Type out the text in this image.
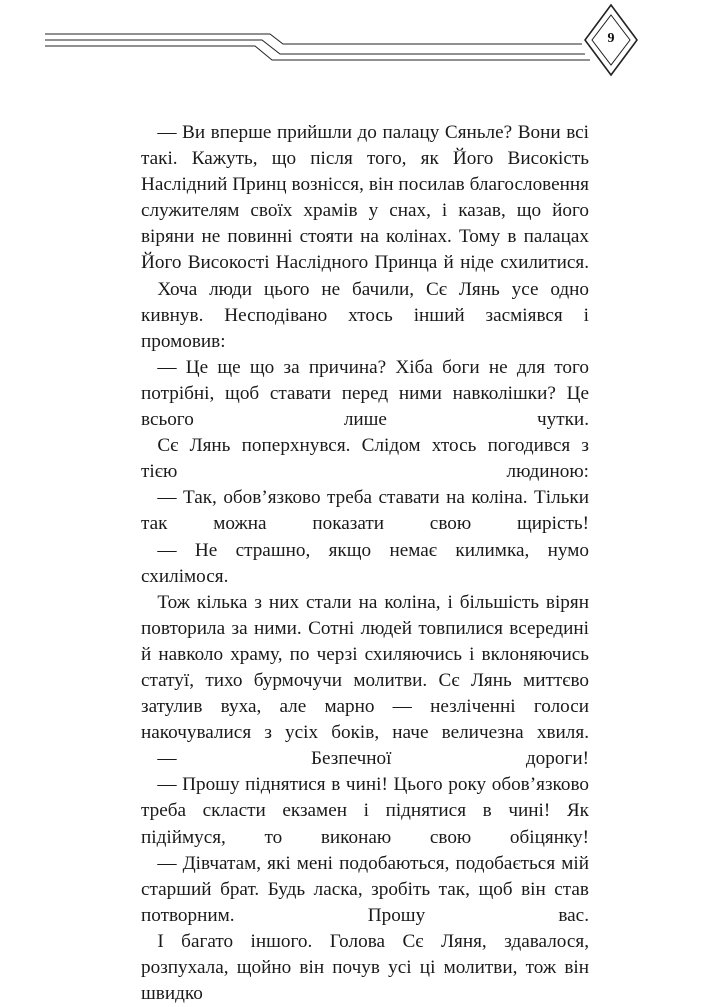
9

— Ви вперше прийшли до палацу Сяньле? Вони всі такі. Кажуть, що після того, як Його Високість Наслідний Принц вознісся, він посилав благословення служителям своїх храмів у снах, і казав, що його віряни не повинні стояти на колінах. Тому в палацах Його Високості Наслідного Принца й ніде схилитися.

Хоча люди цього не бачили, Сє Лянь усе одно кивнув. Несподівано хтось інший засміявся і промовив:

— Це ще що за причина? Хіба боги не для того потрібні, щоб ставати перед ними навколішки? Це всього лише чутки.

Сє Лянь поперхнувся. Слідом хтось погодився з тією людиною:

— Так, обов’язково треба ставати на коліна. Тільки так можна показати свою щирість!

— Не страшно, якщо немає килимка, нумо схилімося.

Тож кілька з них стали на коліна, і більшість вірян повторила за ними. Сотні людей товпилися всередині й навколо храму, по черзі схиляючись і вклоняючись статуї, тихо бурмочучи молитви. Сє Лянь миттєво затулив вуха, але марно — незліченні голоси накочувалися з усіх боків, наче величезна хвиля.

— Безпечної дороги!

— Прошу піднятися в чині! Цього року обов’язково треба скласти екзамен і піднятися в чині! Як підіймуся, то виконаю свою обіцянку!

— Дівчатам, які мені подобаються, подобається мій старший брат. Будь ласка, зробіть так, щоб він став потворним. Прошу вас.

І багато іншого. Голова Сє Ляня, здавалося, розпухала, щойно він почув усі ці молитви, тож він швидко
